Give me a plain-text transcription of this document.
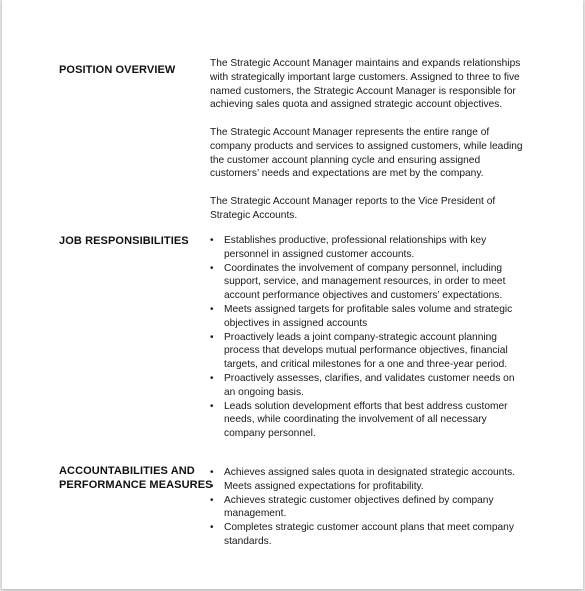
POSITION OVERVIEW

The Strategic Account Manager maintains and expands relationships with strategically important large customers. Assigned to three to five named customers, the Strategic Account Manager is responsible for achieving sales quota and assigned strategic account objectives.

The Strategic Account Manager represents the entire range of company products and services to assigned customers, while leading the customer account planning cycle and ensuring assigned customers’ needs and expectations are met by the company.

The Strategic Account Manager reports to the Vice President of Strategic Accounts.

JOB RESPONSIBILITIES
•	Establishes productive, professional relationships with key personnel in assigned customer accounts.
• Coordinates the involvement of company personnel, including support, service, and management resources, in order to meet account performance objectives and customers’ expectations.
• Meets assigned targets for profitable sales volume and strategic objectives in assigned accounts
• Proactively leads a joint company-strategic account planning process that develops mutual performance objectives, financial targets, and critical milestones for a one and three-year period.
• Proactively assesses, clarifies, and validates customer needs on an ongoing basis.
• Leads solution development efforts that best address customer needs, while coordinating the involvement of all necessary company personnel.
ACCOUNTABILITIES AND
PERFORMANCE MEASURES
• Achieves assigned sales quota in designated strategic accounts.
• Meets assigned expectations for profitability.
• Achieves strategic customer objectives defined by company management.
• Completes strategic customer account plans that meet company standards.
